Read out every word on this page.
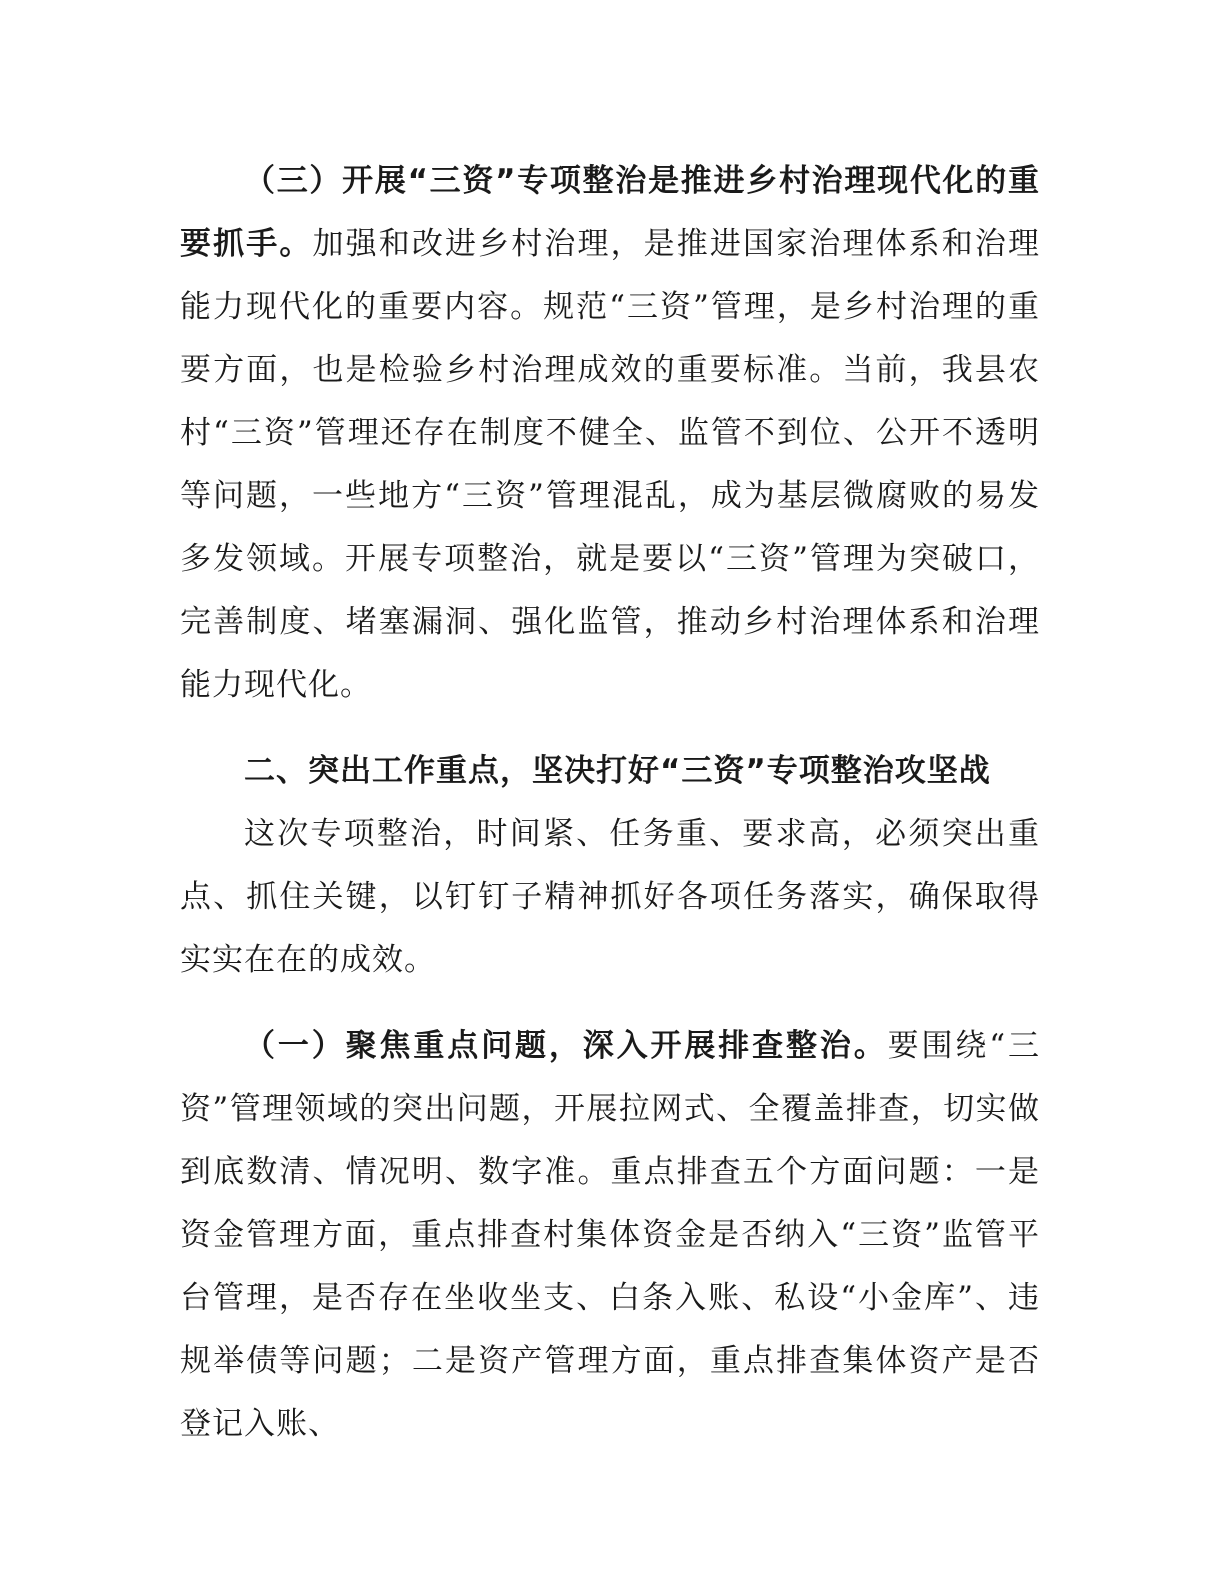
（三）开展“三资”专项整治是推进乡村治理现代化的重要抓手。加强和改进乡村治理，是推进国家治理体系和治理能力现代化的重要内容。规范“三资”管理，是乡村治理的重要方面，也是检验乡村治理成效的重要标准。当前，我县农村“三资”管理还存在制度不健全、监管不到位、公开不透明等问题，一些地方“三资”管理混乱，成为基层微腐败的易发多发领域。开展专项整治，就是要以“三资”管理为突破口，完善制度、堵塞漏洞、强化监管，推动乡村治理体系和治理能力现代化。

二、突出工作重点，坚决打好“三资”专项整治攻坚战

这次专项整治，时间紧、任务重、要求高，必须突出重点、抓住关键，以钉钉子精神抓好各项任务落实，确保取得实实在在的成效。

（一）聚焦重点问题，深入开展排查整治。要围绕“三资”管理领域的突出问题，开展拉网式、全覆盖排查，切实做到底数清、情况明、数字准。重点排查五个方面问题：一是资金管理方面，重点排查村集体资金是否纳入“三资”监管平台管理，是否存在坐收坐支、白条入账、私设“小金库”、违规举债等问题；二是资产管理方面，重点排查集体资产是否登记入账、
